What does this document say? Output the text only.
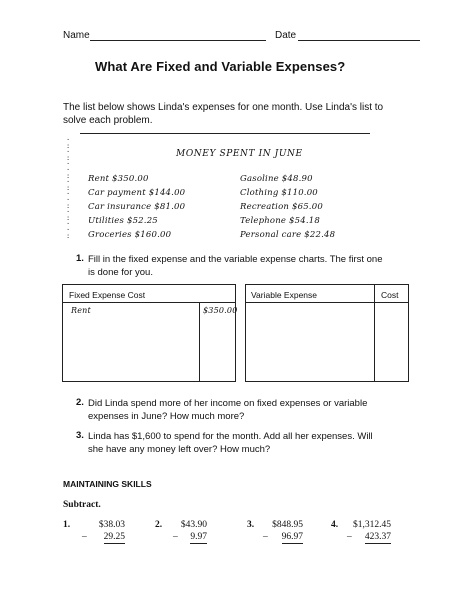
Name	Date
What Are Fixed and Variable Expenses?
The list below shows Linda's expenses for one month. Use Linda's list to
solve each problem.
·
:
·
:
·
·
:
·
:
·
·
:
·
:
·
·
:
MONEY SPENT IN JUNE
Rent $350.00
Car payment $144.00
Car insurance $81.00
Utilities $52.25
Groceries $160.00
Gasoline $48.90
Clothing $110.00
Recreation $65.00
Telephone $54.18
Personal care $22.48
1. Fill in the fixed expense and the variable expense charts. The first one
is done for you.
Fixed Expense Cost
Rent	$350.00
Variable Expense	Cost
2. Did Linda spend more of her income on fixed expenses or variable
expenses in June? How much more?
3. Linda has $1,600 to spend for the month. Add all her expenses. Will
she have any money left over? How much?
MAINTAINING SKILLS
Subtract.
1.	$38.03
– 29.25
2. $43.90
– 9.97
3. $848.95
– 96.97
4. $1,312.45
– 423.37
